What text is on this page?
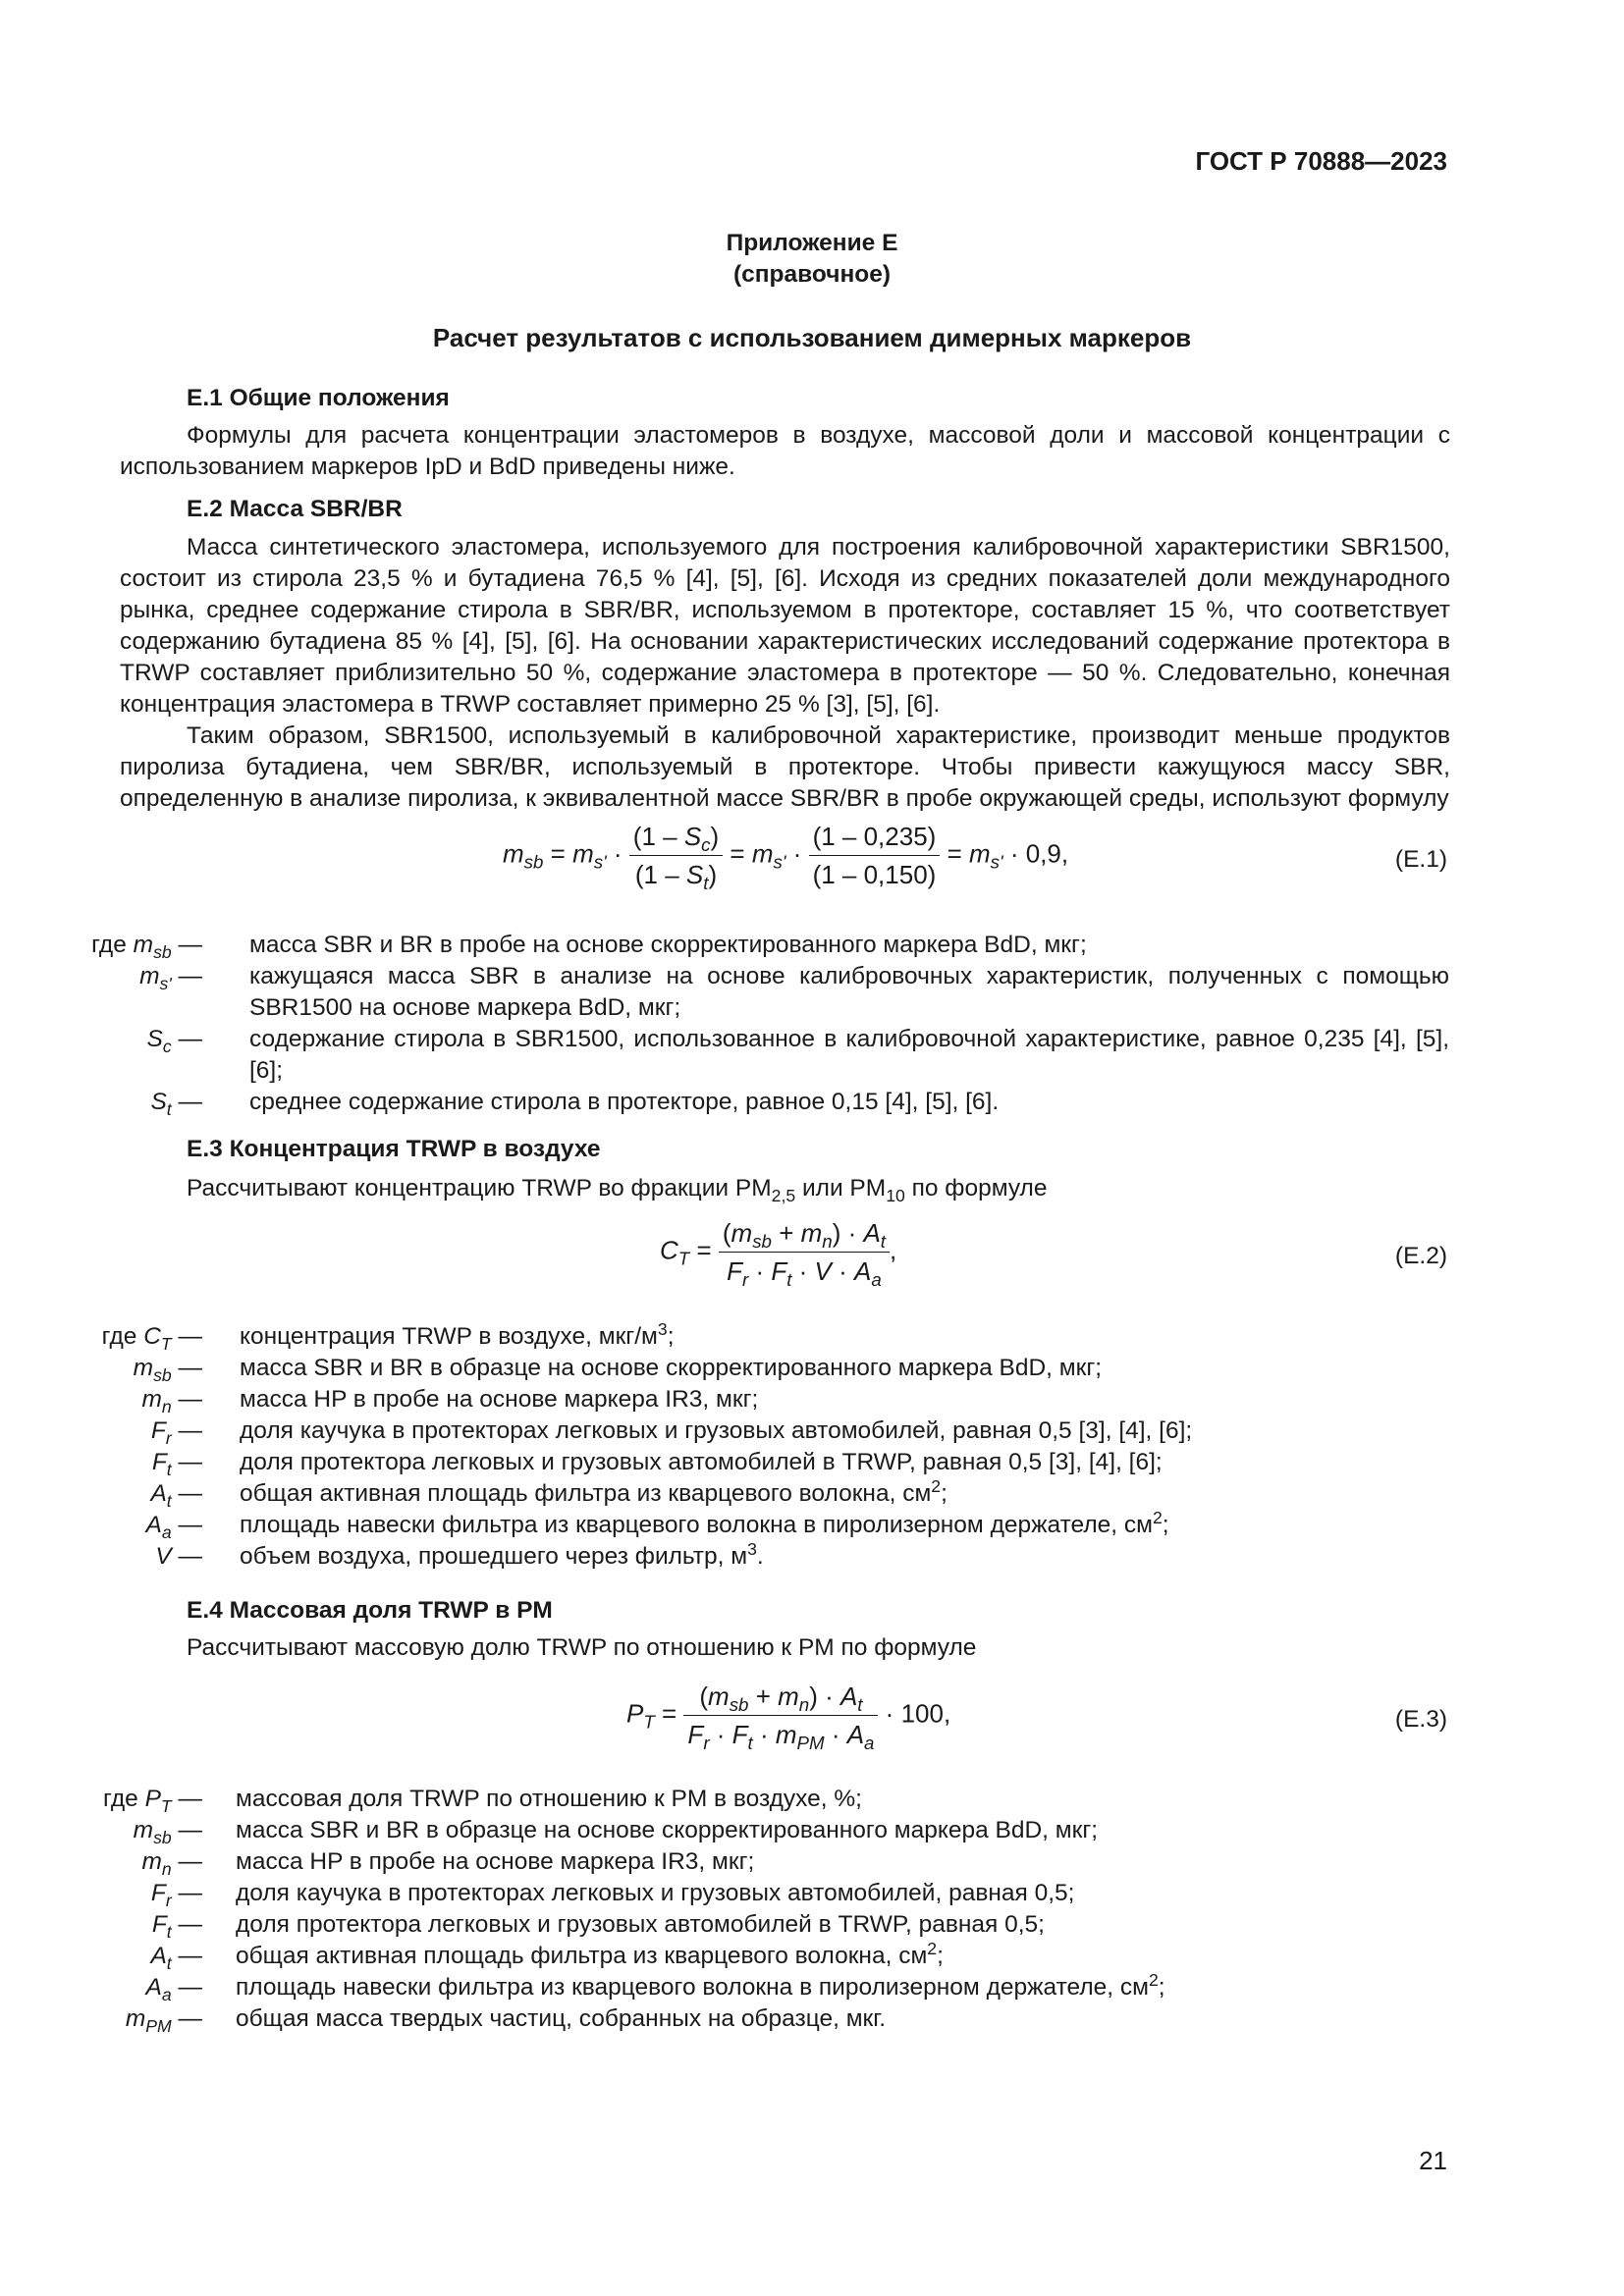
ГОСТ Р 70888—2023
Приложение Е
(справочное)
Расчет результатов с использованием димерных маркеров
Е.1 Общие положения

Формулы для расчета концентрации эластомеров в воздухе, массовой доли и массовой концентрации с использованием маркеров IpD и BdD приведены ниже.

Е.2 Масса SBR/BR

Масса синтетического эластомера, используемого для построения калибровочной характеристики SBR1500, состоит из стирола 23,5 % и бутадиена 76,5 % [4], [5], [6]. Исходя из средних показателей доли международного рынка, среднее содержание стирола в SBR/BR, используемом в протекторе, составляет 15 %, что соответствует содержанию бутадиена 85 % [4], [5], [6]. На основании характеристических исследований содержание протектора в TRWP составляет приблизительно 50 %, содержание эластомера в протекторе — 50 %. Следовательно, конечная концентрация эластомера в TRWP составляет примерно 25 % [3], [5], [6].

Таким образом, SBR1500, используемый в калибровочной характеристике, производит меньше продуктов пиролиза бутадиена, чем SBR/BR, используемый в протекторе. Чтобы привести кажущуюся массу SBR, определенную в анализе пиролиза, к эквивалентной массе SBR/BR в пробе окружающей среды, используют формулу

$m_{sb} = m_{s'} \cdot \frac{(1 - S_c)}{(1 - S_t)} = m_{s'} \cdot \frac{(1 - 0,235)}{(1 - 0,150)} = m_{s'} \cdot 0,9$,	(Е.1)
где $m_{sb}$ — масса SBR и BR в пробе на основе скорректированного маркера BdD, мкг;
$m_{s'}$ — кажущаяся масса SBR в анализе на основе калибровочных характеристик, полученных с помощью SBR1500 на основе маркера BdD, мкг;
$S_c$ — содержание стирола в SBR1500, использованное в калибровочной характеристике, равное 0,235 [4], [5], [6];
$S_t$ — среднее содержание стирола в протекторе, равное 0,15 [4], [5], [6].
Е.3 Концентрация TRWP в воздухе

Рассчитывают концентрацию TRWP во фракции $PM_{2,5}$ или $PM_{10}$ по формуле

$C_T = \frac{(m_{sb} + m_n) \cdot A_t}{F_r \cdot F_t \cdot V \cdot A_a}$ ,	(Е.2)
где $C_T$ — концентрация TRWP в воздухе, мкг/$м^3$;
$m_{sb}$ — масса SBR и BR в образце на основе скорректированного маркера BdD, мкг;
$m_n$ — масса HP в пробе на основе маркера IR3, мкг;
$F_r$ — доля каучука в протекторах легковых и грузовых автомобилей, равная 0,5 [3], [4], [6];
$F_t$ — доля протектора легковых и грузовых автомобилей в TRWP, равная 0,5 [3], [4], [6];
$A_t$ — общая активная площадь фильтра из кварцевого волокна, $см^2$;
$A_a$ — площадь навески фильтра из кварцевого волокна в пиролизерном держателе, $см^2$;
V — объем воздуха, прошедшего через фильтр, $м^3$.
Е.4 Массовая доля TRWP в PM

Рассчитывают массовую долю TRWP по отношению к PM по формуле

$P_T = \frac{(m_{sb} + m_n) \cdot A_t}{F_r \cdot F_t \cdot m_{PM} \cdot A_a} \cdot 100$,	(Е.3)
где $P_T$ — массовая доля TRWP по отношению к PM в воздухе, %;
$m_{sb}$ — масса SBR и BR в образце на основе скорректированного маркера BdD, мкг;
$m_n$ — масса HP в пробе на основе маркера IR3, мкг;
$F_r$ — доля каучука в протекторах легковых и грузовых автомобилей, равная 0,5;
$F_t$ — доля протектора легковых и грузовых автомобилей в TRWP, равная 0,5;
$A_t$ — общая активная площадь фильтра из кварцевого волокна, $см^2$;
$A_a$ — площадь навески фильтра из кварцевого волокна в пиролизерном держателе, $см^2$;
$m_{PM}$ — общая масса твердых частиц, собранных на образце, мкг.
21
